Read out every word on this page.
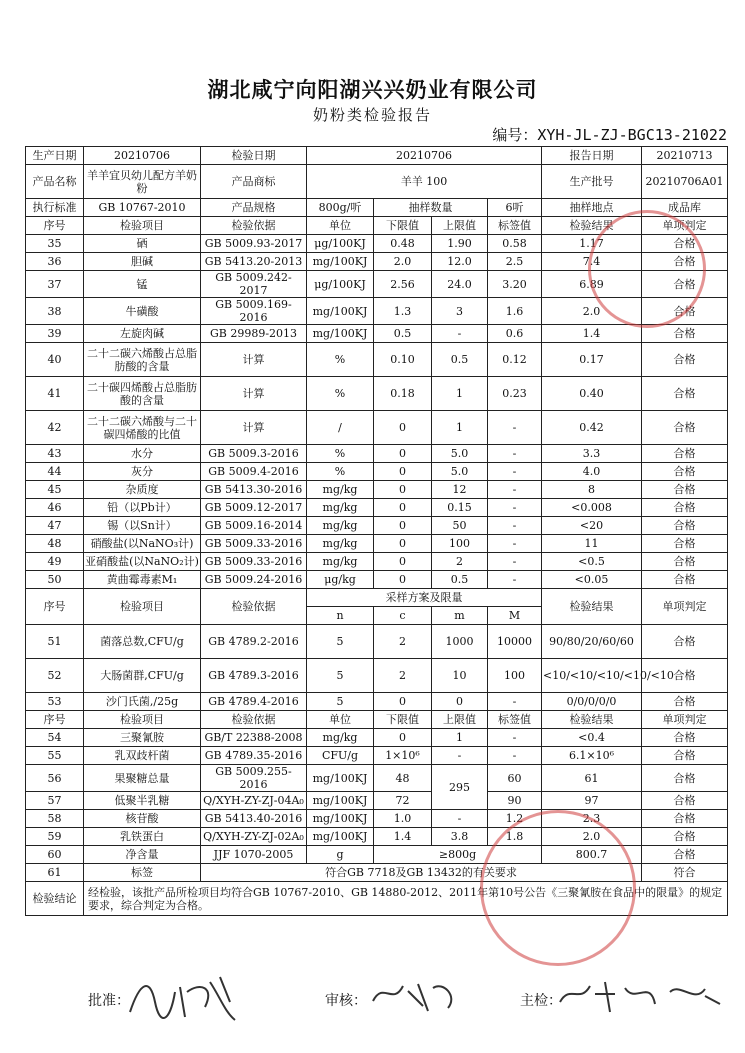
湖北咸宁向阳湖兴兴奶业有限公司
奶粉类检验报告
编号：XYH-JL-ZJ-BGC13-21022
生产日期	20210706	检验日期	20210706				报告日期	20210713
产品名称	羊羊宜贝幼儿配方羊奶粉	产品商标	羊羊 100				生产批号	20210706A01
执行标准	GB 10767-2010	产品规格	800g/听	抽样数量		6听	抽样地点	成品库
序号	检验项目	检验依据	单位	下限值	上限值	标签值	检验结果	单项判定
35	硒	GB 5009.93-2017	μg/100KJ	0.48	1.90	0.58	1.17	合格
36	胆碱	GB 5413.20-2013	mg/100KJ	2.0	12.0	2.5	7.4	合格
37	锰	GB 5009.242-2017	μg/100KJ	2.56	24.0	3.20	6.89	合格
38	牛磺酸	GB 5009.169-2016	mg/100KJ	1.3	3	1.6	2.0	合格
39	左旋肉碱	GB 29989-2013	mg/100KJ	0.5	-	0.6	1.4	合格
40	二十二碳六烯酸占总脂肪酸的含量	计算	%	0.10	0.5	0.12	0.17	合格
41	二十碳四烯酸占总脂肪酸的含量	计算	%	0.18	1	0.23	0.40	合格
42	二十二碳六烯酸与二十碳四烯酸的比值	计算	/	0	1	-	0.42	合格
43	水分	GB 5009.3-2016	%	0	5.0	-	3.3	合格
44	灰分	GB 5009.4-2016	%	0	5.0	-	4.0	合格
45	杂质度	GB 5413.30-2016	mg/kg	0	12	-	8	合格
46	铅（以Pb计）	GB 5009.12-2017	mg/kg	0	0.15	-	<0.008	合格
47	锡（以Sn计）	GB 5009.16-2014	mg/kg	0	50	-	<20	合格
48	硝酸盐(以NaNO₃计)	GB 5009.33-2016	mg/kg	0	100	-	11	合格
49	亚硝酸盐(以NaNO₂计)	GB 5009.33-2016	mg/kg	0	2	-	<0.5	合格
50	黄曲霉毒素M₁	GB 5009.24-2016	μg/kg	0	0.5	-	<0.05	合格
序号	检验项目	检验依据	采样方案及限量				检验结果	单项判定
			n	c	m	M		
51	菌落总数,CFU/g	GB 4789.2-2016	5	2	1000	10000	90/80/20/60/60	合格
52	大肠菌群,CFU/g	GB 4789.3-2016	5	2	10	100	<10/<10/<10/<10/<10	合格
53	沙门氏菌,/25g	GB 4789.4-2016	5	0	0	-	0/0/0/0/0	合格
序号	检验项目	检验依据	单位	下限值	上限值	标签值	检验结果	单项判定
54	三聚氰胺	GB/T 22388-2008	mg/kg	0	1	-	<0.4	合格
55	乳双歧杆菌	GB 4789.35-2016	CFU/g	1×10⁶	-	-	6.1×10⁶	合格
56	果聚糖总量	GB 5009.255-2016	mg/100KJ	48	295	60	61	合格
57	低聚半乳糖	Q/XYH-ZY-ZJ-04A₀	mg/100KJ	72		90	97	合格
58	核苷酸	GB 5413.40-2016	mg/100KJ	1.0	-	1.2	2.3	合格
59	乳铁蛋白	Q/XYH-ZY-ZJ-02A₀	mg/100KJ	1.4	3.8	1.8	2.0	合格
60	净含量	JJF 1070-2005	g	≥800g			800.7	合格
61	标签	符合GB 7718及GB 13432的有关要求						符合
检验结论	经检验，该批产品所检项目均符合GB 10767-2010、GB 14880-2012、2011年第10号公告《三聚氰胺在食品中的限量》的规定要求，综合判定为合格。							
批准：	审核：	主检：
